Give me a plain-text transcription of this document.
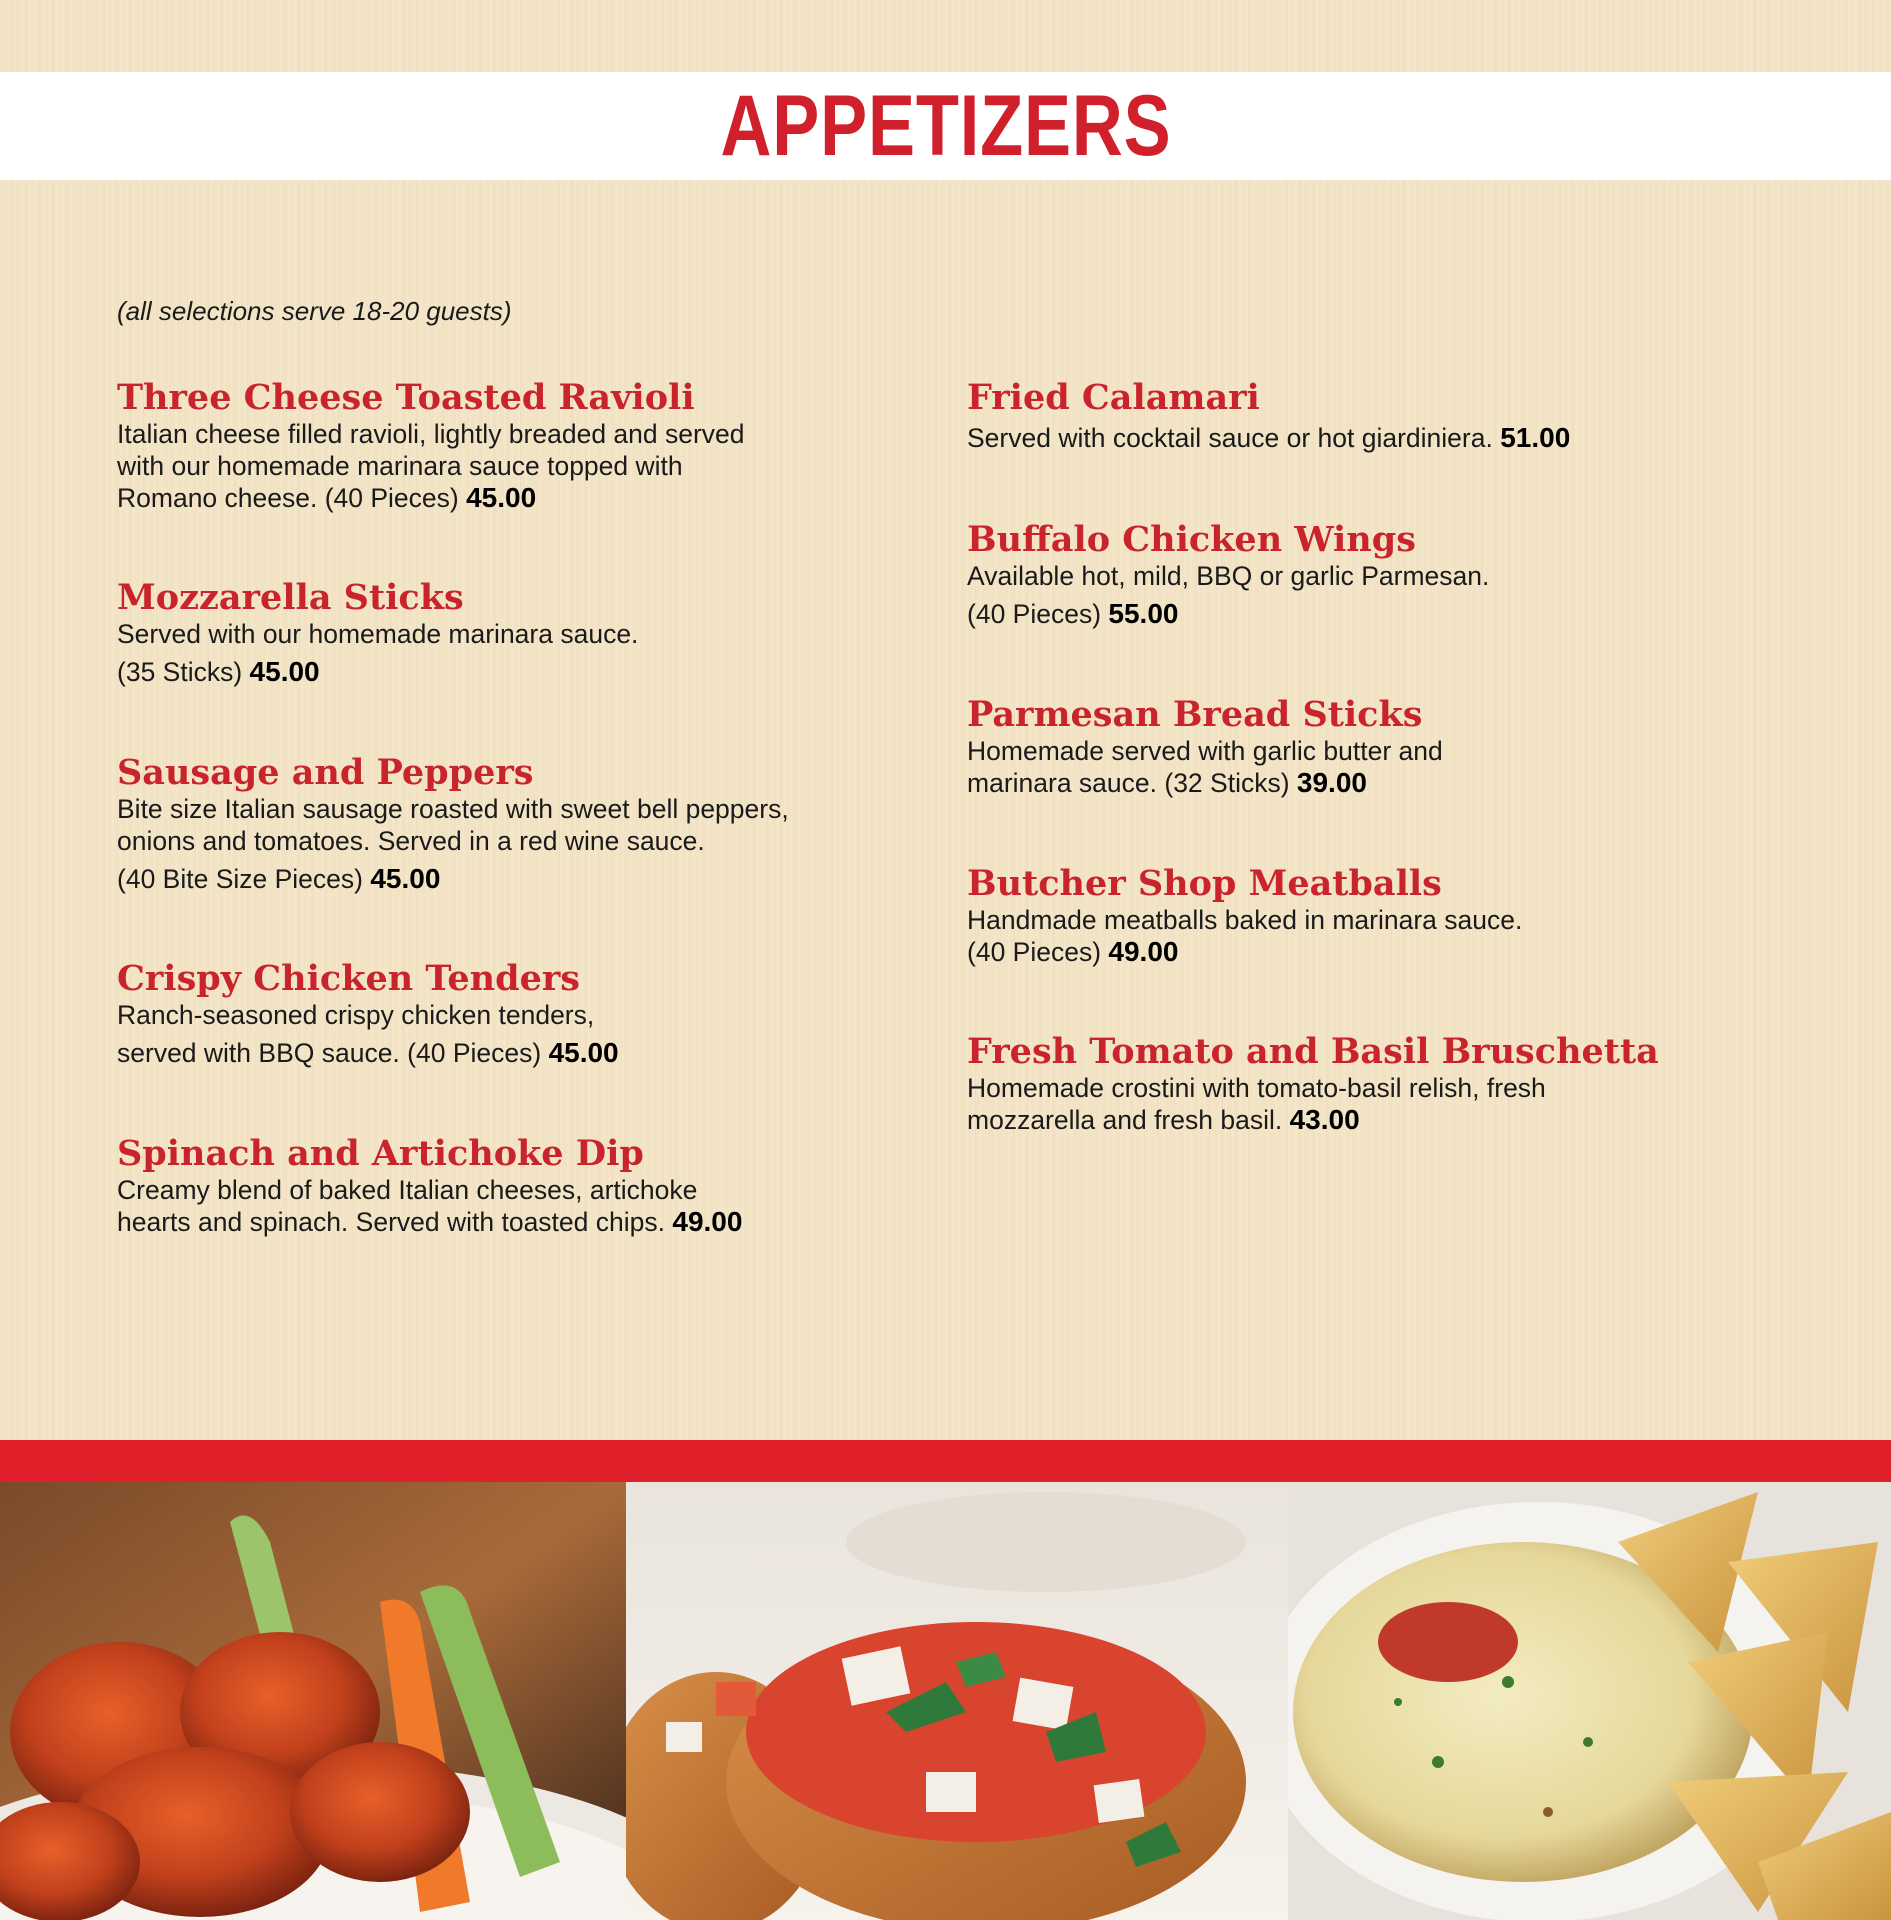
APPETIZERS
(all selections serve 18-20 guests)
Three Cheese Toasted Ravioli
Italian cheese filled ravioli, lightly breaded and served
with our homemade marinara sauce topped with
Romano cheese. (40 Pieces) 45.00
Mozzarella Sticks
Served with our homemade marinara sauce.
(35 Sticks) 45.00
Sausage and Peppers
Bite size Italian sausage roasted with sweet bell peppers,
onions and tomatoes. Served in a red wine sauce.
(40 Bite Size Pieces) 45.00
Crispy Chicken Tenders
Ranch-seasoned crispy chicken tenders,
served with BBQ sauce. (40 Pieces) 45.00
Spinach and Artichoke Dip
Creamy blend of baked Italian cheeses, artichoke
hearts and spinach. Served with toasted chips. 49.00
Fried Calamari
Served with cocktail sauce or hot giardiniera. 51.00
Buffalo Chicken Wings
Available hot, mild, BBQ or garlic Parmesan.
(40 Pieces) 55.00
Parmesan Bread Sticks
Homemade served with garlic butter and
marinara sauce. (32 Sticks) 39.00
Butcher Shop Meatballs
Handmade meatballs baked in marinara sauce.
(40 Pieces) 49.00
Fresh Tomato and Basil Bruschetta
Homemade crostini with tomato-basil relish, fresh
mozzarella and fresh basil. 43.00
